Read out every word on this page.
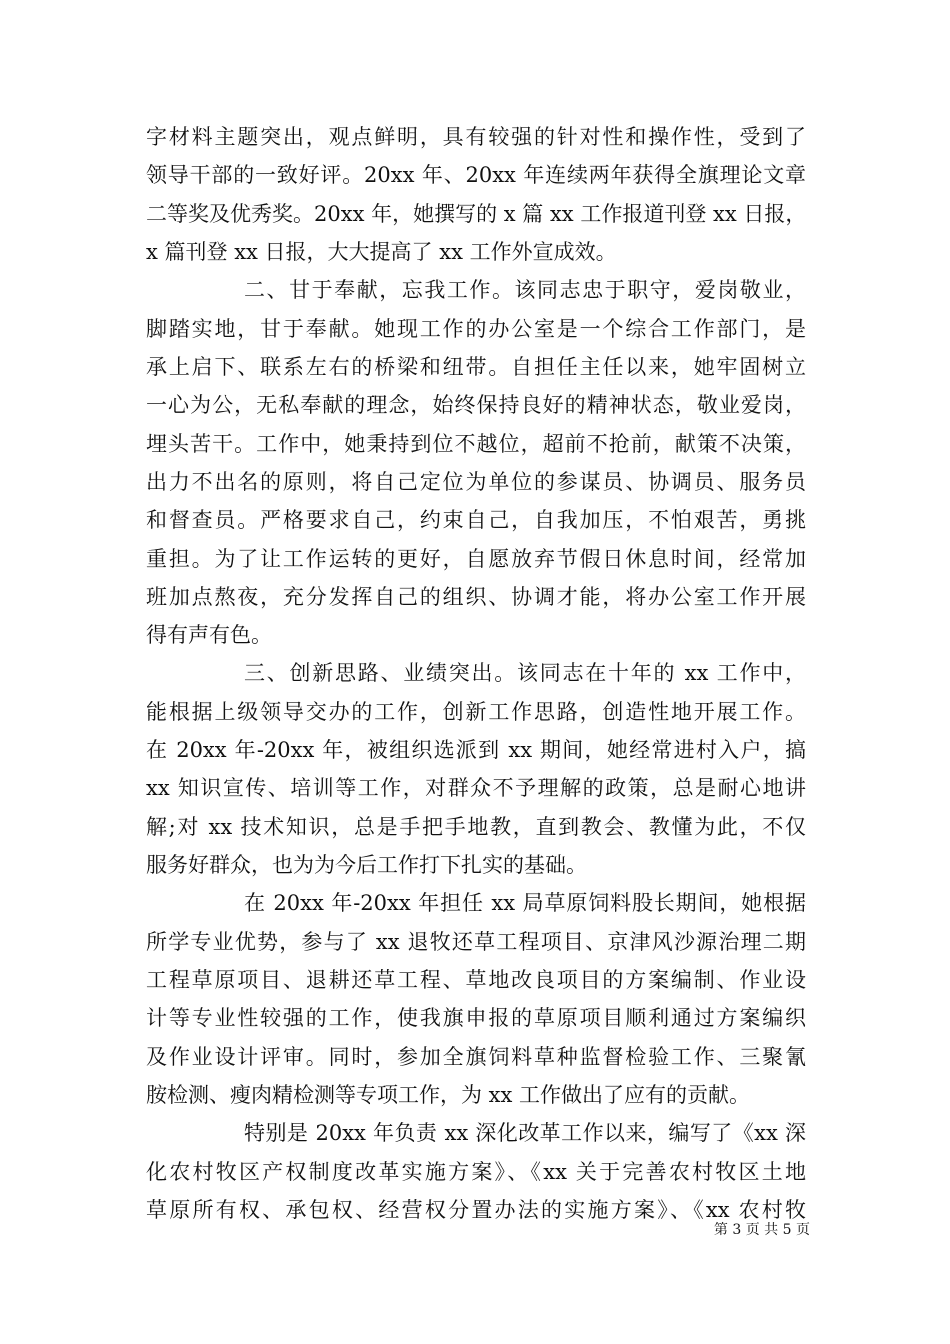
字材料主题突出，观点鲜明，具有较强的针对性和操作性，受到了
领导干部的一致好评。20xx 年、20xx 年连续两年获得全旗理论文章
二等奖及优秀奖。20xx 年，她撰写的 x 篇 xx 工作报道刊登 xx 日报，
x 篇刊登 xx 日报，大大提高了 xx 工作外宣成效。
二、甘于奉献，忘我工作。该同志忠于职守，爱岗敬业，
脚踏实地，甘于奉献。她现工作的办公室是一个综合工作部门，是
承上启下、联系左右的桥梁和纽带。自担任主任以来，她牢固树立
一心为公，无私奉献的理念，始终保持良好的精神状态，敬业爱岗，
埋头苦干。工作中，她秉持到位不越位，超前不抢前，献策不决策，
出力不出名的原则，将自己定位为单位的参谋员、协调员、服务员
和督查员。严格要求自己，约束自己，自我加压，不怕艰苦，勇挑
重担。为了让工作运转的更好，自愿放弃节假日休息时间，经常加
班加点熬夜，充分发挥自己的组织、协调才能，将办公室工作开展
得有声有色。
三、创新思路、业绩突出。该同志在十年的 xx 工作中，
能根据上级领导交办的工作，创新工作思路，创造性地开展工作。
在 20xx 年-20xx 年，被组织选派到 xx 期间，她经常进村入户，搞
xx 知识宣传、培训等工作，对群众不予理解的政策，总是耐心地讲
解;对 xx 技术知识，总是手把手地教，直到教会、教懂为此，不仅
服务好群众，也为为今后工作打下扎实的基础。
在 20xx 年-20xx 年担任 xx 局草原饲料股长期间，她根据
所学专业优势，参与了 xx 退牧还草工程项目、京津风沙源治理二期
工程草原项目、退耕还草工程、草地改良项目的方案编制、作业设
计等专业性较强的工作，使我旗申报的草原项目顺利通过方案编织
及作业设计评审。同时，参加全旗饲料草种监督检验工作、三聚氰
胺检测、瘦肉精检测等专项工作，为 xx 工作做出了应有的贡献。
特别是 20xx 年负责 xx 深化改革工作以来，编写了《xx 深
化农村牧区产权制度改革实施方案》、《xx 关于完善农村牧区土地
草原所有权、承包权、经营权分置办法的实施方案》、《xx 农村牧
第 3 页 共 5 页
